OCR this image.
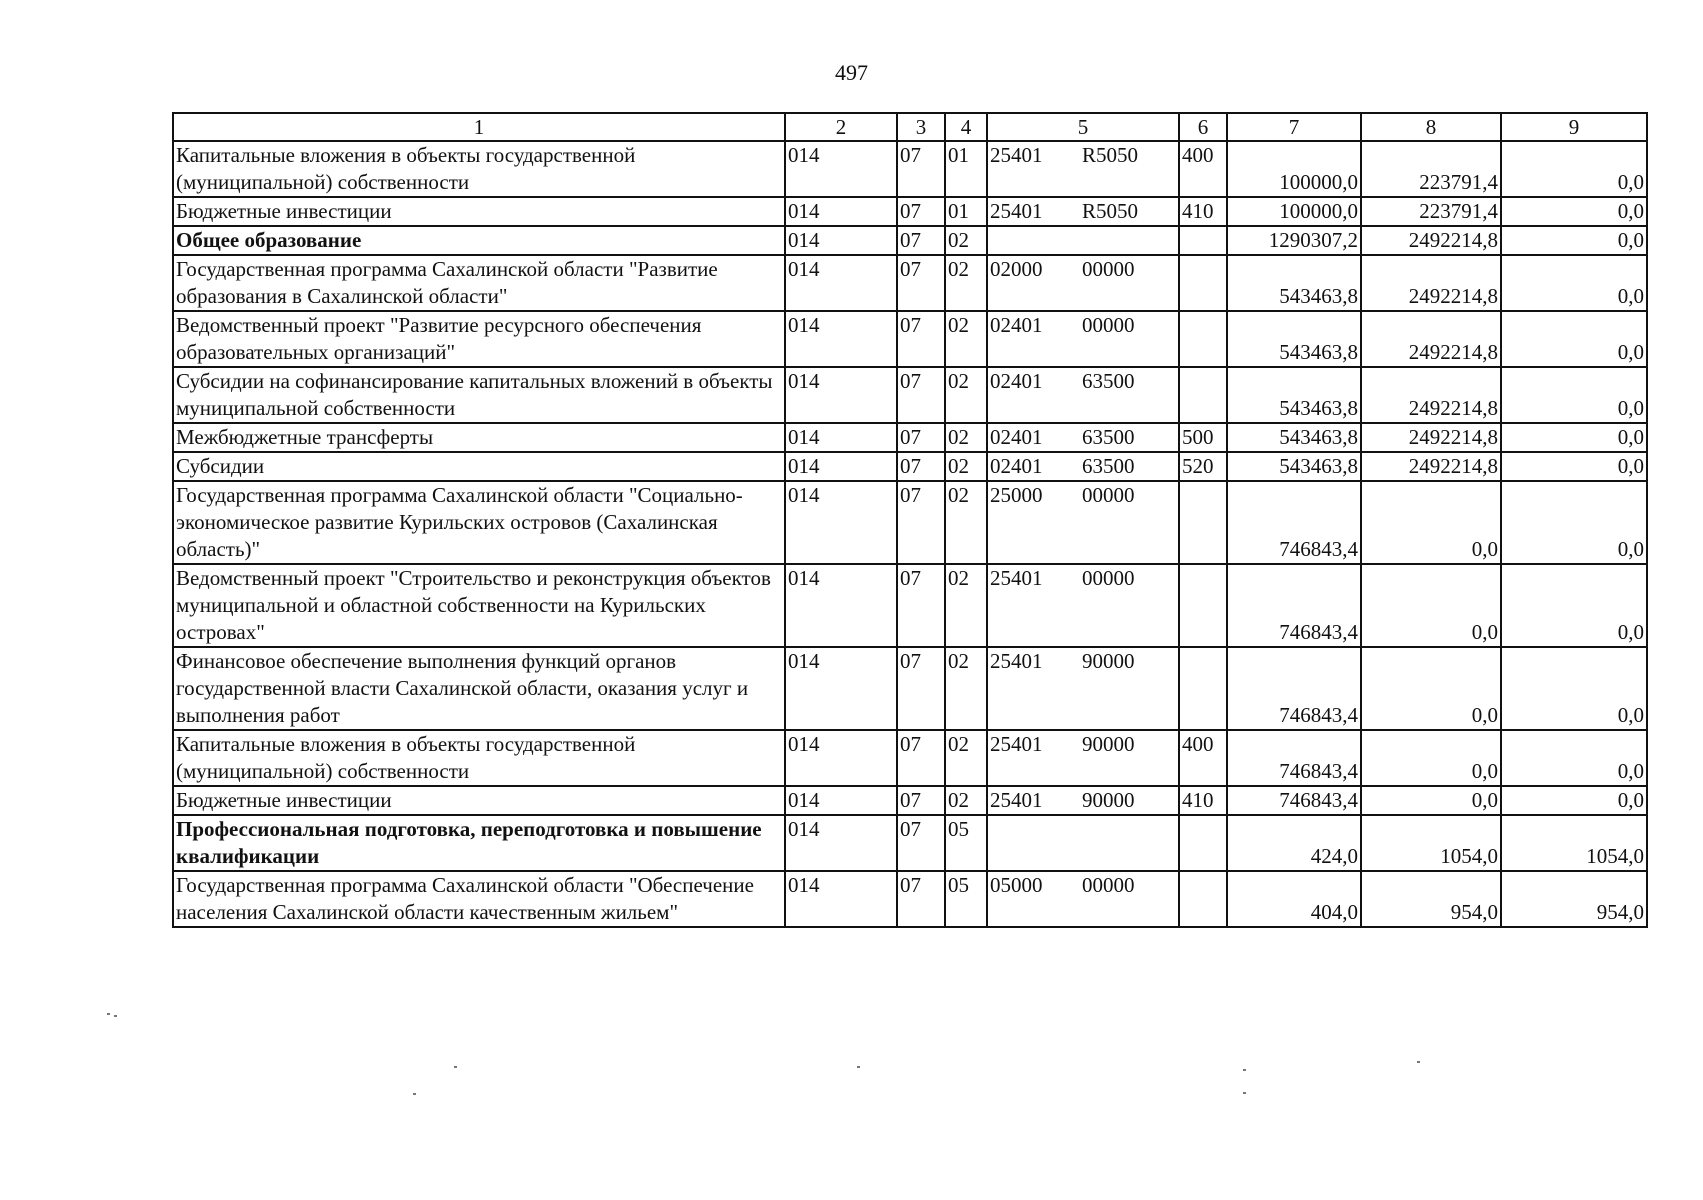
497
1	2	3	4	5	6	7	8	9
Капитальные вложения в объекты государственной (муниципальной) собственности	014	07	01	25401 R5050	400	100000,0	223791,4	0,0
Бюджетные инвестиции	014	07	01	25401 R5050	410	100000,0	223791,4	0,0
Общее образование	014	07	02			1290307,2	2492214,8	0,0
Государственная программа Сахалинской области "Развитие образования в Сахалинской области"	014	07	02	02000 00000		543463,8	2492214,8	0,0
Ведомственный проект "Развитие ресурсного обеспечения образовательных организаций"	014	07	02	02401 00000		543463,8	2492214,8	0,0
Субсидии на софинансирование капитальных вложений в объекты муниципальной собственности	014	07	02	02401 63500		543463,8	2492214,8	0,0
Межбюджетные трансферты	014	07	02	02401 63500	500	543463,8	2492214,8	0,0
Субсидии	014	07	02	02401 63500	520	543463,8	2492214,8	0,0
Государственная программа Сахалинской области "Социально-экономическое развитие Курильских островов (Сахалинская область)"	014	07	02	25000 00000		746843,4	0,0	0,0
Ведомственный проект "Строительство и реконструкция объектов муниципальной и областной собственности на Курильских островах"	014	07	02	25401 00000		746843,4	0,0	0,0
Финансовое обеспечение выполнения функций органов государственной власти Сахалинской области, оказания услуг и выполнения работ	014	07	02	25401 90000		746843,4	0,0	0,0
Капитальные вложения в объекты государственной (муниципальной) собственности	014	07	02	25401 90000	400	746843,4	0,0	0,0
Бюджетные инвестиции	014	07	02	25401 90000	410	746843,4	0,0	0,0
Профессиональная подготовка, переподготовка и повышение квалификации	014	07	05			424,0	1054,0	1054,0
Государственная программа Сахалинской области "Обеспечение населения Сахалинской области качественным жильем"	014	07	05	05000 00000		404,0	954,0	954,0
